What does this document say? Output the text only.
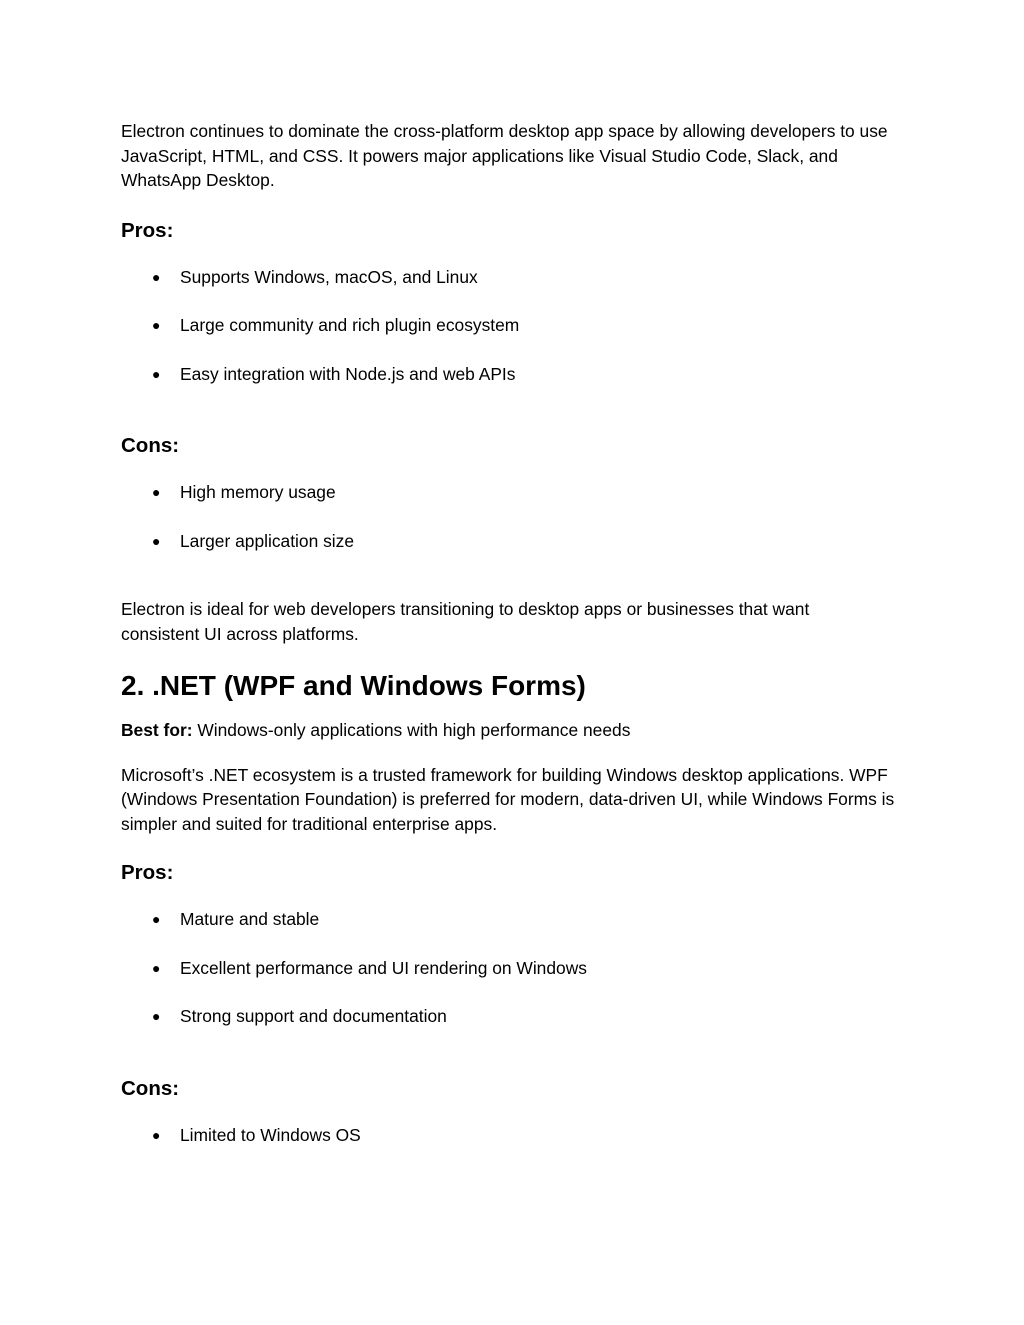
Electron continues to dominate the cross-platform desktop app space by allowing developers to use JavaScript, HTML, and CSS. It powers major applications like Visual Studio Code, Slack, and WhatsApp Desktop.

Pros:
● Supports Windows, macOS, and Linux
● Large community and rich plugin ecosystem
● Easy integration with Node.js and web APIs
Cons:
● High memory usage
● Larger application size

Electron is ideal for web developers transitioning to desktop apps or businesses that want consistent UI across platforms.

2. .NET (WPF and Windows Forms)

Best for: Windows-only applications with high performance needs

Microsoft’s .NET ecosystem is a trusted framework for building Windows desktop applications. WPF (Windows Presentation Foundation) is preferred for modern, data-driven UI, while Windows Forms is simpler and suited for traditional enterprise apps.

Pros:
● Mature and stable
● Excellent performance and UI rendering on Windows
● Strong support and documentation
Cons:
● Limited to Windows OS
